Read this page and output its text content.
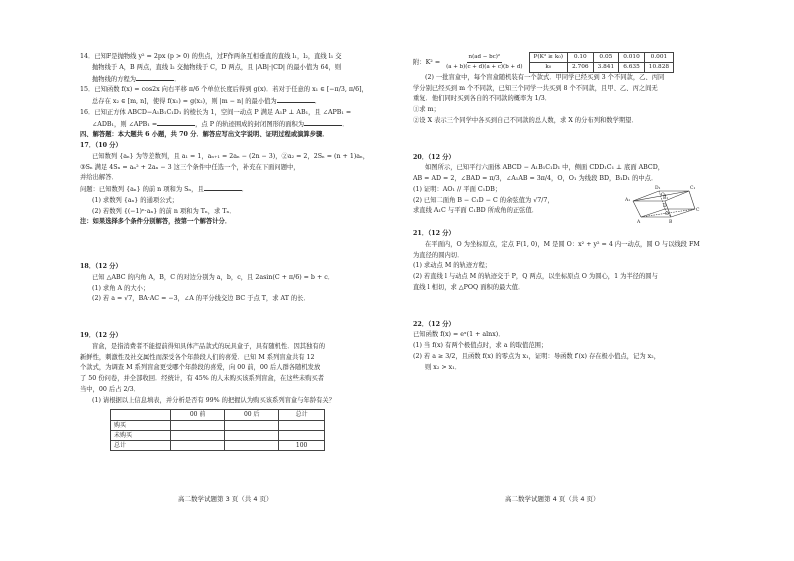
14．已知F是抛物线 y² = 2px (p > 0) 的焦点，过F作两条互相垂直的直线 l₁，l₂，直线 l₁ 交

抛物线于 A，B 两点，直线 l₂ 交抛物线于 C，D 两点，且 |AB|·|CD| 的最小值为 64，则

抛物线的方程为	．

15．已知函数 f(x) = cos2x 向右平移 π/6 个单位长度后得到 g(x)．若对于任意的 x₁ ∈ [−π/3, π/6]，

总存在 x₂ ∈ [m, n]，使得 f(x₁) = g(x₂)，则 |m − n| 的最小值为	．

16．已知正方体 ABCD−A₁B₁C₁D₁ 的棱长为 1，空间一动点 P 满足 A₁P ⊥ AB₁，且 ∠APB₁ =

∠ADB₁，则 ∠APB₁ =	，点 P 的轨迹围成的封闭图形的面积为	．

四、解答题：本大题共 6 小题，共 70 分．解答应写出文字说明、证明过程或演算步骤．

17．（10 分）

已知数列 {aₙ} 为等差数列，且 a₁ = 1，aₙ₊₁ = 2aₙ − (2n − 3)，②a₂ = 2，2Sₙ = (n + 1)aₙ，

③Sₙ 满足 4Sₙ = aₙ² + 2aₙ − 3 这三个条件中任选一个，补充在下面问题中，

并给出解答．

问题：已知数列 {aₙ} 的前 n 项和为 Sₙ，且	．

(1) 求数列 {aₙ} 的通项公式；

(2) 若数列 {(−1)ⁿ·aₙ} 的前 n 项和为 Tₙ，求 Tₙ．

注：如果选择多个条件分别解答，按第一个解答计分．

18．（12 分）

已知 △ABC 的内角 A，B，C 的对边分别为 a，b，c，且 2asin(C + π/6) = b + c．

(1) 求角 A 的大小；

(2) 若 a = √7，BA·AC = −3，∠A 的平分线交边 BC 于点 T，求 AT 的长．

19．（12 分）

盲盒，是指消费者不能提前得知具体产品款式的玩具盒子，具有随机性．因其独有的

新鲜性，刺激性及社交属性而深受各个年龄段人们的喜爱．已知 M 系列盲盒共有 12

个款式，为调查 M 系列盲盒更受哪个年龄段的喜爱，向 00 前，00 后人群各随机发放

了 50 份问卷，并全部收回．经统计，有 45% 的人未购买该系列盲盒，在这些未购买者

当中，00 后占 2/3．

(1) 请根据以上信息填表，并分析是否有 99% 的把握认为购买该系列盲盒与年龄有关？

	00 前	00 后	总计
购买			
未购买			
总计			100
附：$K^2 = \frac{\text{n(ad − bc)²}}{(a + b)(c + d)(a + c)(b + d)} P(K^2 \ge k_0)$	0.10	0.05	0.010	0.001
k₀	2.706	3.841	6.635	10.828

(2) 一批盲盒中，每个盲盒随机装有一个款式．甲同学已经买到 3 个不同款，乙、丙同

学分别已经买到 m 个不同款，已知三个同学一共买到 8 个不同款，且甲、乙、丙之间无

重复．他们同时买到各自的不同款的概率为 1/3．

①求 m；

②设 X 表示三个同学中各买到自己不同款的总人数，求 X 的分布列和数学期望．

20．（12 分）

如图所示，已知平行六面体 ABCD − A₁B₁C₁D₁ 中，侧面 CDD₁C₁ ⊥ 底面 ABCD，

AB = AD = 2，∠BAD = π/3，∠A₁AB = 3π/4，O，O₁ 为线段 BD，B₁D₁ 的中点．

(1) 证明：AO₁ // 平面 C₁DB；

(2) 已知二面角 B − C₁D − C 的余弦值为 √7/7，

求直线 A₁C 与平面 C₁BD 所成角的正弦值．

A₁
D₁
B₁
C₁
O₁
A
D
O
B
C

21．（12 分）

在平面内，O 为坐标原点，定点 F(1, 0)，M 是圆 O：x² + y² = 4 内一动点，圆 O 与以线段 FM

为直径的圆内切．

(1) 求动点 M 的轨迹方程；

(2) 若直线 l 与动点 M 的轨迹交于 P，Q 两点，以坐标原点 O 为圆心，1 为半径的圆与

直线 l 相切，求 △POQ 面积的最大值．

22．（12 分）

已知函数 f(x) = eˣ(1 + alnx)．

(1) 当 f(x) 有两个极值点时，求 a 的取值范围；

(2) 若 a ≥ 3/2，且函数 f(x) 的零点为 x₁，证明：导函数 f′(x) 存在极小值点，记为 x₂，

则 x₂ > x₁．

高二数学试题第 3 页（共 4 页）	高二数学试题第 4 页（共 4 页）
